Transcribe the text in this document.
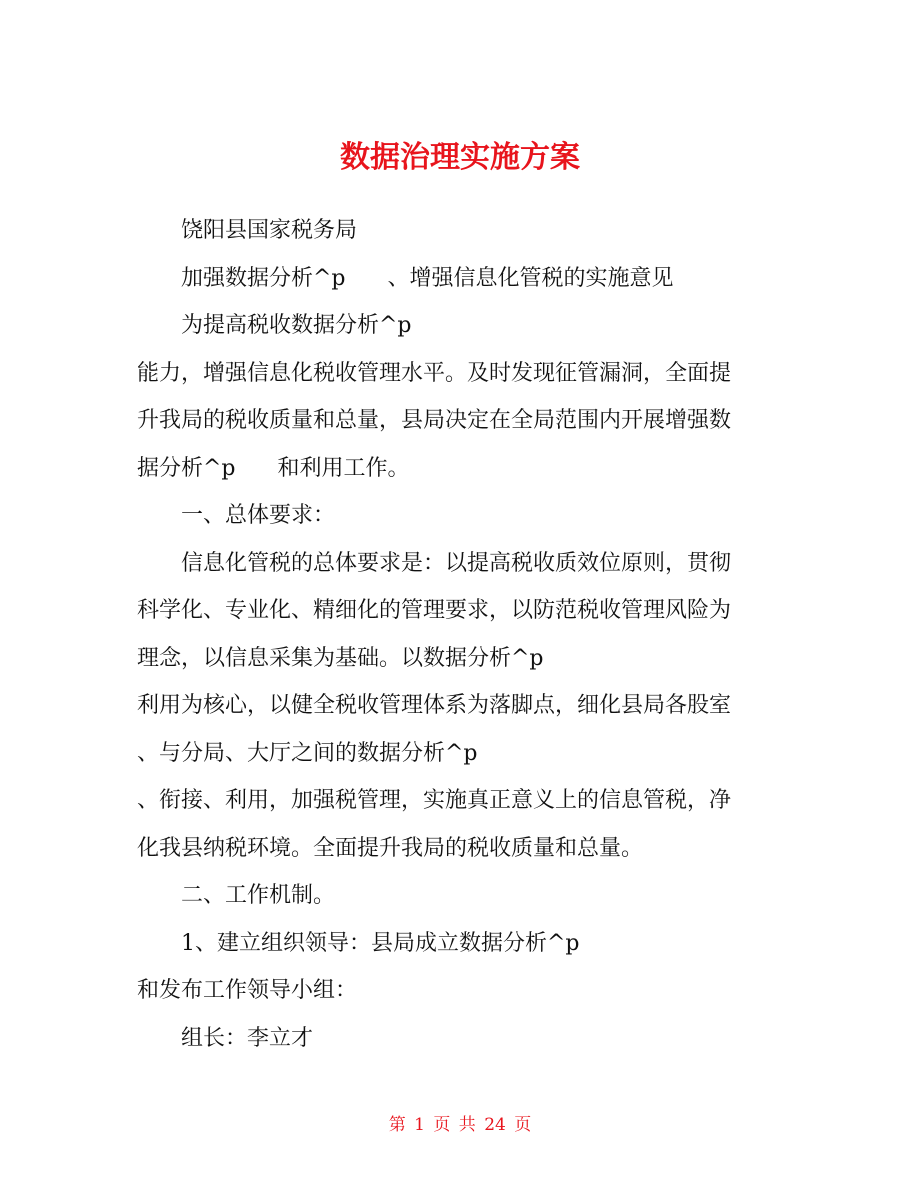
数据治理实施方案

饶阳县国家税务局

加强数据分析^p      、增强信息化管税的实施意见

为提高税收数据分析^p

能力，增强信息化税收管理水平。及时发现征管漏洞，全面提

升我局的税收质量和总量，县局决定在全局范围内开展增强数

据分析^p      和利用工作。

一、总体要求：

信息化管税的总体要求是：以提高税收质效位原则，贯彻

科学化、专业化、精细化的管理要求，以防范税收管理风险为

理念，以信息采集为基础。以数据分析^p

利用为核心，以健全税收管理体系为落脚点，细化县局各股室

、与分局、大厅之间的数据分析^p

、衔接、利用，加强税管理，实施真正意义上的信息管税，净

化我县纳税环境。全面提升我局的税收质量和总量。

二、工作机制。

1、建立组织领导：县局成立数据分析^p

和发布工作领导小组：

组长：李立才

第 1 页 共 24 页
